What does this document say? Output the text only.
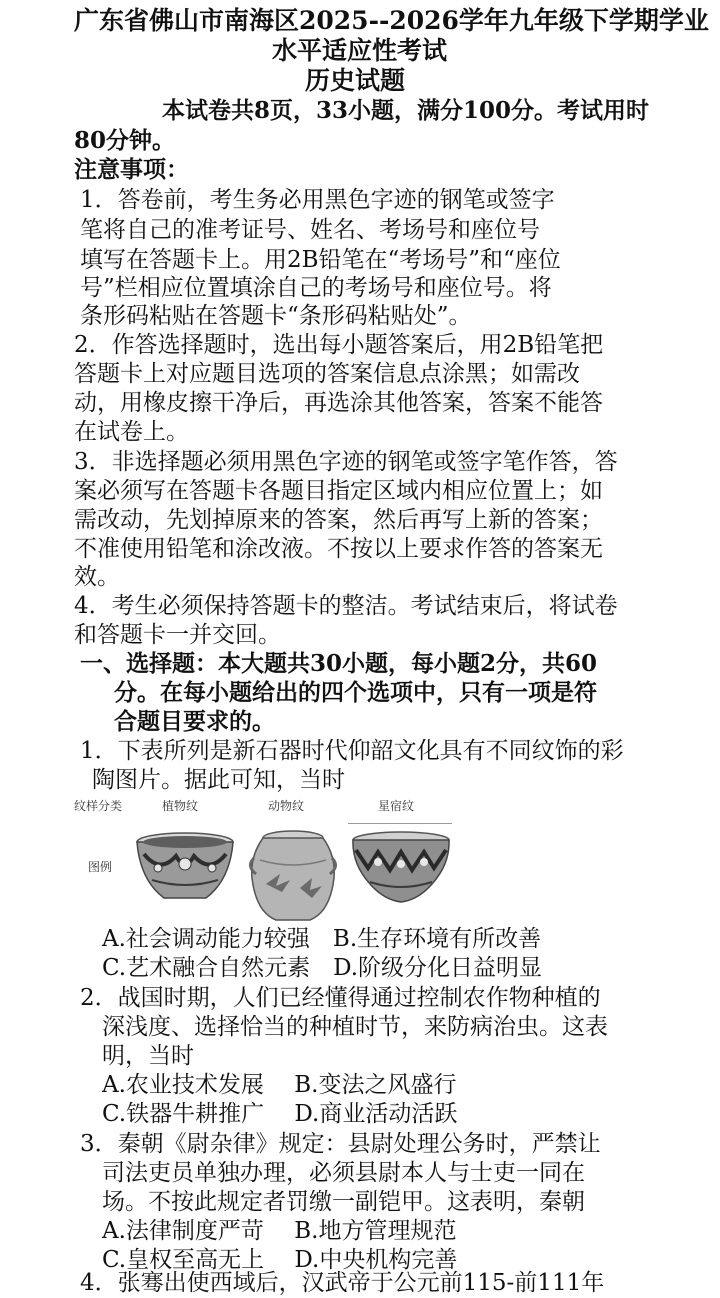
广东省佛山市南海区2025--2026学年九年级下学期学业
水平适应性考试
历史试题
本试卷共8页，33小题，满分100分。考试用时
80分钟。
注意事项：
1．答卷前，考生务必用黑色字迹的钢笔或签字
笔将自己的准考证号、姓名、考场号和座位号
填写在答题卡上。用2B铅笔在“考场号”和“座位
号”栏相应位置填涂自己的考场号和座位号。将
条形码粘贴在答题卡“条形码粘贴处”。
2．作答选择题时，选出每小题答案后，用2B铅笔把
答题卡上对应题目选项的答案信息点涂黑；如需改
动，用橡皮擦干净后，再选涂其他答案，答案不能答
在试卷上。
3．非选择题必须用黑色字迹的钢笔或签字笔作答，答
案必须写在答题卡各题目指定区域内相应位置上；如
需改动，先划掉原来的答案，然后再写上新的答案；
不准使用铅笔和涂改液。不按以上要求作答的答案无
效。
4．考生必须保持答题卡的整洁。考试结束后，将试卷
和答题卡一并交回。
一、选择题：本大题共30小题，每小题2分，共60
分。在每小题给出的四个选项中，只有一项是符
合题目要求的。
1．下表所列是新石器时代仰韶文化具有不同纹饰的彩
陶图片。据此可知，当时
纹样分类	植物纹	动物纹	星宿纹
图例
A.社会调动能力较强　B.生存环境有所改善
C.艺术融合自然元素　D.阶级分化日益明显
2．战国时期，人们已经懂得通过控制农作物种植的
深浅度、选择恰当的种植时节，来防病治虫。这表
明，当时
A.农业技术发展　 B.变法之风盛行
C.铁器牛耕推广　 D.商业活动活跃
3．秦朝《尉杂律》规定：县尉处理公务时，严禁让
司法吏员单独办理，必须县尉本人与士吏一同在
场。不按此规定者罚缴一副铠甲。这表明，秦朝
A.法律制度严苛　 B.地方管理规范
C.皇权至高无上　 D.中央机构完善
4．张骞出使西域后，汉武帝于公元前115-前111年
